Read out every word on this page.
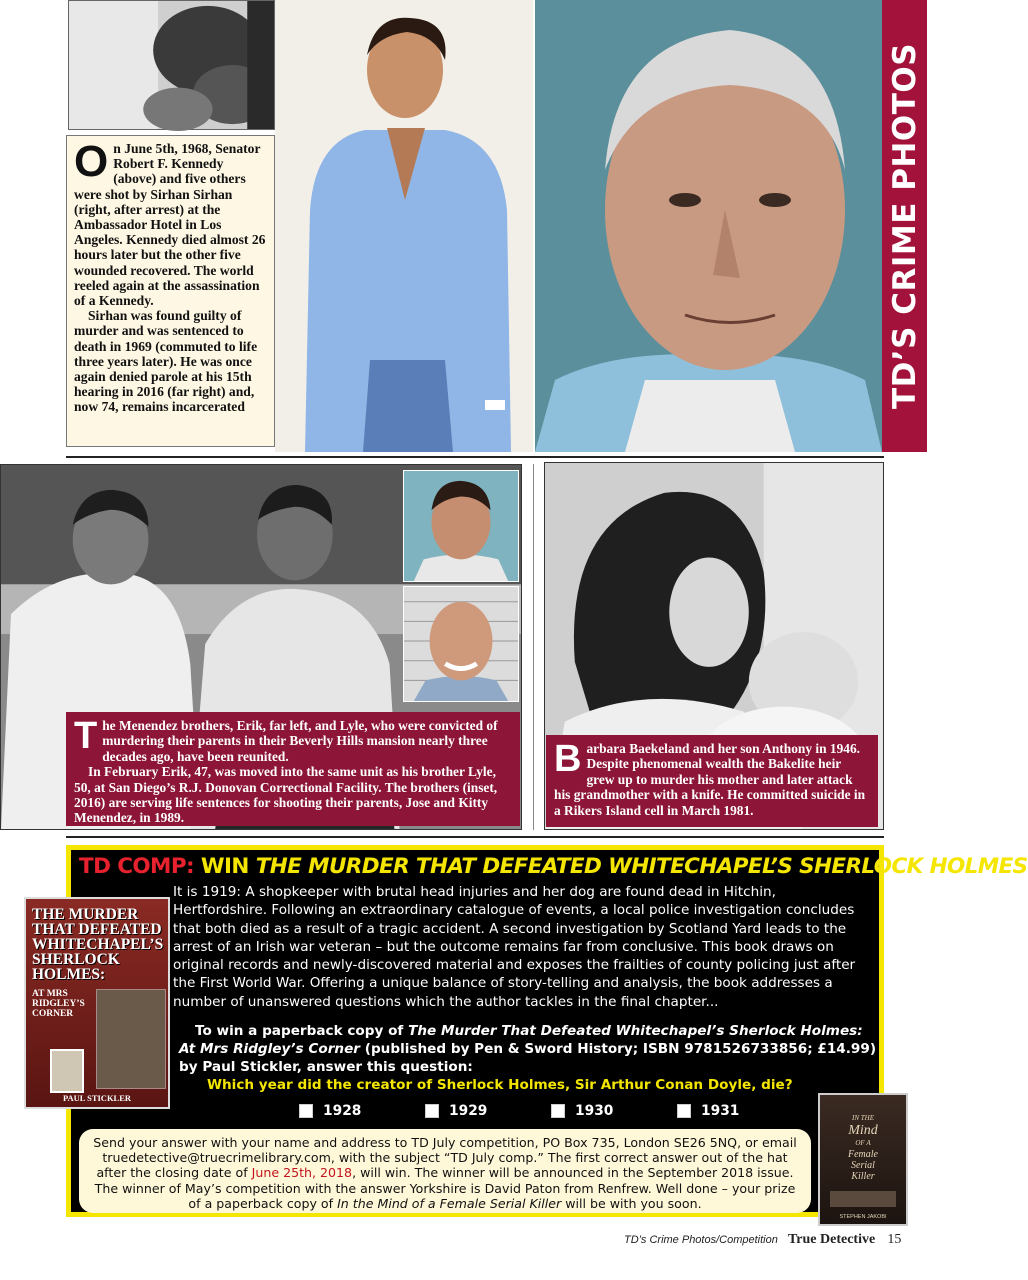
TD’S CRIME PHOTOS
O n June 5th, 1968, Senator Robert F. Kennedy (above) and five others were shot by Sirhan Sirhan (right, after arrest) at the Ambassador Hotel in Los Angeles. Kennedy died almost 26 hours later but the other five wounded recovered. The world reeled again at the assassination of a Kennedy.

Sirhan was found guilty of murder and was sentenced to death in 1969 (commuted to life three years later). He was once again denied parole at his 15th hearing in 2016 (far right) and, now 74, remains incarcerated

T he Menendez brothers, Erik, far left, and Lyle, who were convicted of murdering their parents in their Beverly Hills mansion nearly three decades ago, have been reunited.

In February Erik, 47, was moved into the same unit as his brother Lyle, 50, at San Diego’s R.J. Donovan Correctional Facility. The brothers (inset, 2016) are serving life sentences for shooting their parents, Jose and Kitty Menendez, in 1989.

B arbara Baekeland and her son Anthony in 1946. Despite phenomenal wealth the Bakelite heir grew up to murder his mother and later attack his grandmother with a knife. He committed suicide in a Rikers Island cell in March 1981.

TD COMP: WIN THE MURDER THAT DEFEATED WHITECHAPEL’S SHERLOCK HOLMES

It is 1919: A shopkeeper with brutal head injuries and her dog are found dead in Hitchin, Hertfordshire. Following an extraordinary catalogue of events, a local police investigation concludes that both died as a result of a tragic accident. A second investigation by Scotland Yard leads to the arrest of an Irish war veteran – but the outcome remains far from conclusive. This book draws on original records and newly-discovered material and exposes the frailties of county policing just after the First World War. Offering a unique balance of story-telling and analysis, the book addresses a number of unanswered questions which the author tackles in the final chapter...

To win a paperback copy of The Murder That Defeated Whitechapel’s Sherlock Holmes: At Mrs Ridgley’s Corner (published by Pen & Sword History; ISBN 9781526733856; £14.99) by Paul Stickler, answer this question:

Which year did the creator of Sherlock Holmes, Sir Arthur Conan Doyle, die?
1928	1929	1930	1931
Send your answer with your name and address to TD July competition, PO Box 735, London SE26 5NQ, or email truedetective@truecrimelibrary.com, with the subject “TD July comp.” The first correct answer out of the hat after the closing date of June 25th, 2018, will win. The winner will be announced in the September 2018 issue.
The winner of May’s competition with the answer Yorkshire is David Paton from Renfrew. Well done – your prize of a paperback copy of In the Mind of a Female Serial Killer will be with you soon.
THE MURDER
THAT DEFEATED
WHITECHAPEL’S
SHERLOCK
HOLMES:
AT MRS
RIDGLEY’S
CORNER
PAUL STICKLER
IN THE
Mind
OF A
Female
Serial
Killer
STEPHEN JAKOBI
TD’s Crime Photos/Competition True Detective 15
